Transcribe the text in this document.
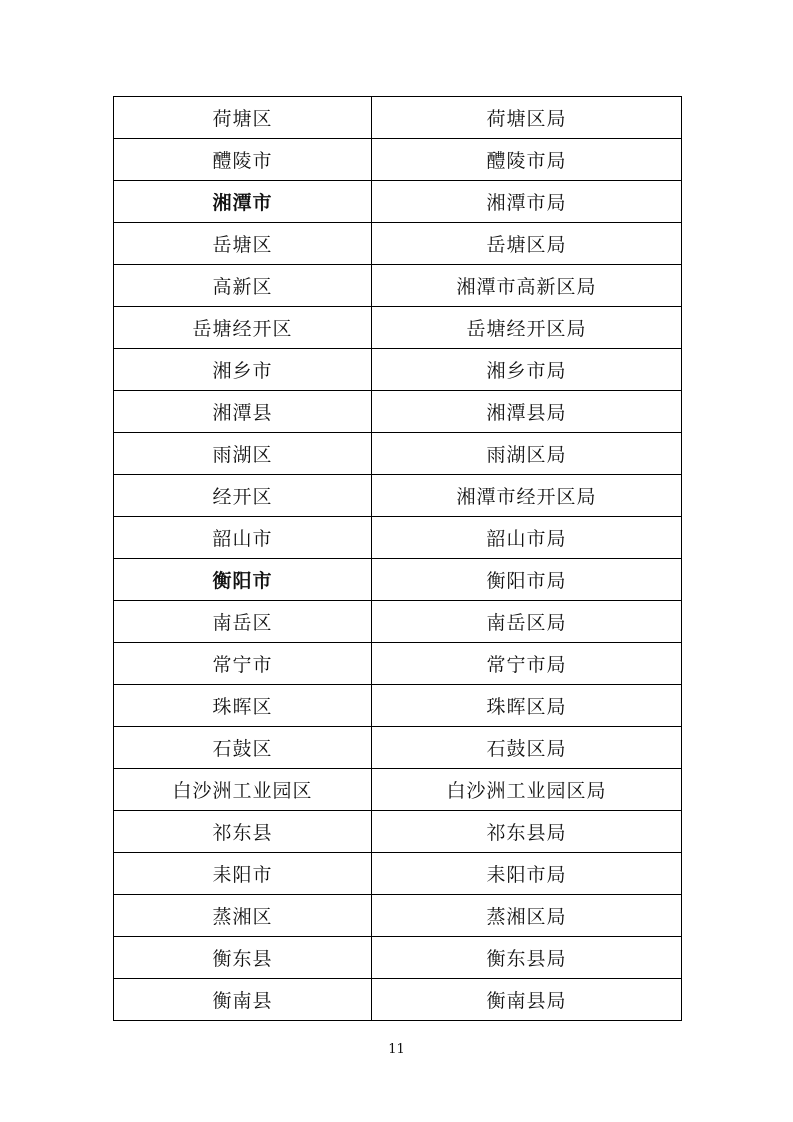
荷塘区	荷塘区局
醴陵市	醴陵市局
湘潭市	湘潭市局
岳塘区	岳塘区局
高新区	湘潭市高新区局
岳塘经开区	岳塘经开区局
湘乡市	湘乡市局
湘潭县	湘潭县局
雨湖区	雨湖区局
经开区	湘潭市经开区局
韶山市	韶山市局
衡阳市	衡阳市局
南岳区	南岳区局
常宁市	常宁市局
珠晖区	珠晖区局
石鼓区	石鼓区局
白沙洲工业园区	白沙洲工业园区局
祁东县	祁东县局
耒阳市	耒阳市局
蒸湘区	蒸湘区局
衡东县	衡东县局
衡南县	衡南县局
11
